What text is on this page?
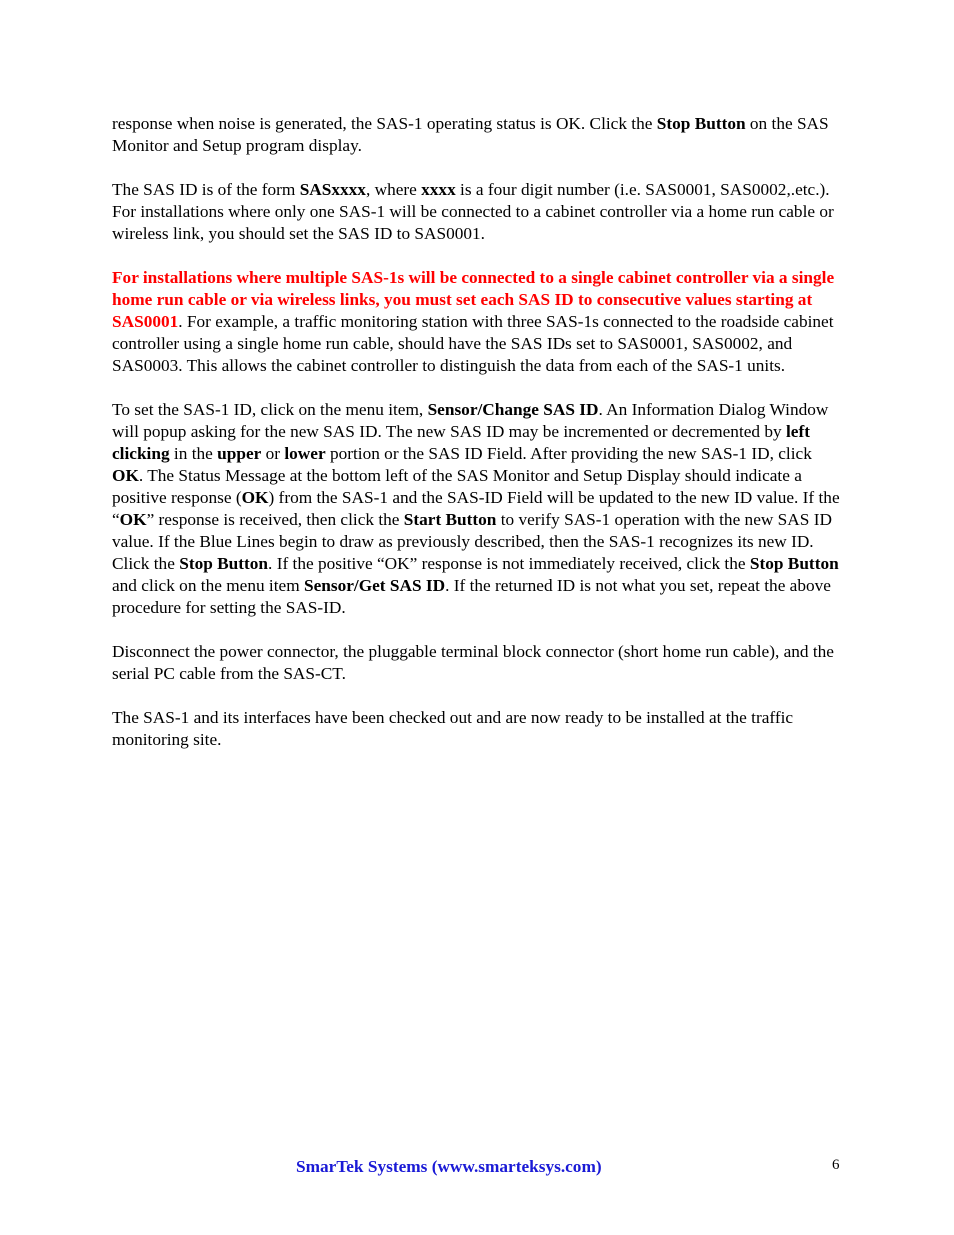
response when noise is generated, the SAS-1 operating status is OK. Click the Stop Button on the SAS Monitor and Setup program display.

The SAS ID is of the form SASxxxx, where xxxx is a four digit number (i.e. SAS0001, SAS0002,.etc.). For installations where only one SAS-1 will be connected to a cabinet controller via a home run cable or wireless link, you should set the SAS ID to SAS0001.

For installations where multiple SAS-1s will be connected to a single cabinet controller via a single home run cable or via wireless links, you must set each SAS ID to consecutive values starting at SAS0001. For example, a traffic monitoring station with three SAS-1s connected to the roadside cabinet controller using a single home run cable, should have the SAS IDs set to SAS0001, SAS0002, and SAS0003. This allows the cabinet controller to distinguish the data from each of the SAS-1 units.

To set the SAS-1 ID, click on the menu item, Sensor/Change SAS ID. An Information Dialog Window will popup asking for the new SAS ID. The new SAS ID may be incremented or decremented by left clicking in the upper or lower portion or the SAS ID Field. After providing the new SAS-1 ID, click OK. The Status Message at the bottom left of the SAS Monitor and Setup Display should indicate a positive response (OK) from the SAS-1 and the SAS-ID Field will be updated to the new ID value. If the “OK” response is received, then click the Start Button to verify SAS-1 operation with the new SAS ID value. If the Blue Lines begin to draw as previously described, then the SAS-1 recognizes its new ID. Click the Stop Button. If the positive “OK” response is not immediately received, click the Stop Button and click on the menu item Sensor/Get SAS ID. If the returned ID is not what you set, repeat the above procedure for setting the SAS-ID.

Disconnect the power connector, the pluggable terminal block connector (short home run cable), and the serial PC cable from the SAS-CT.

The SAS-1 and its interfaces have been checked out and are now ready to be installed at the traffic monitoring site.

SmarTek Systems (www.smarteksys.com)	6
